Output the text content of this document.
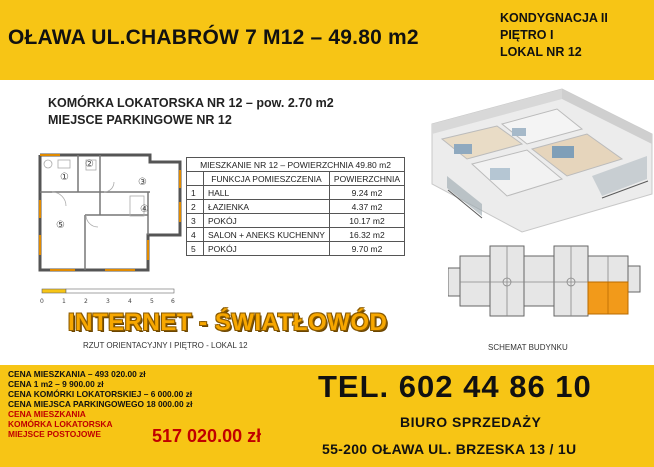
OŁAWA UL.CHABRÓW 7 M12 – 49.80 m2
KONDYGNACJA II
PIĘTRO I
LOKAL NR 12
KOMÓRKA LOKATORSKA NR 12 – pow. 2.70 m2
MIEJSCE PARKINGOWE NR 12
①
②
③
④
⑤
MIESZKANIE NR 12 – POWIERZCHNIA 49.80 m2		
	FUNKCJA POMIESZCZENIA	POWIERZCHNIA
1	HALL	9.24 m2
2	ŁAZIENKA	4.37 m2
3	POKÓJ	10.17 m2
4	SALON + ANEKS KUCHENNY	16.32 m2
5	POKÓJ	9.70 m2
0	1	2	3	4	5	6
INTERNET - ŚWIATŁOWÓD
RZUT ORIENTACYJNY I PIĘTRO - LOKAL 12	SCHEMAT BUDYNKU
CENA MIESZKANIA – 493 020.00 zł
CENA 1 m2 – 9 900.00 zł
CENA KOMÓRKI LOKATORSKIEJ – 6 000.00 zł
CENA MIEJSCA PARKINGOWEGO 18 000.00 zł
CENA MIESZKANIA
KOMÓRKA LOKATORSKA
MIEJSCE POSTOJOWE	517 020.00 zł
TEL. 602 44 86 10
BIURO SPRZEDAŻY
55-200 OŁAWA UL. BRZESKA 13 / 1U
